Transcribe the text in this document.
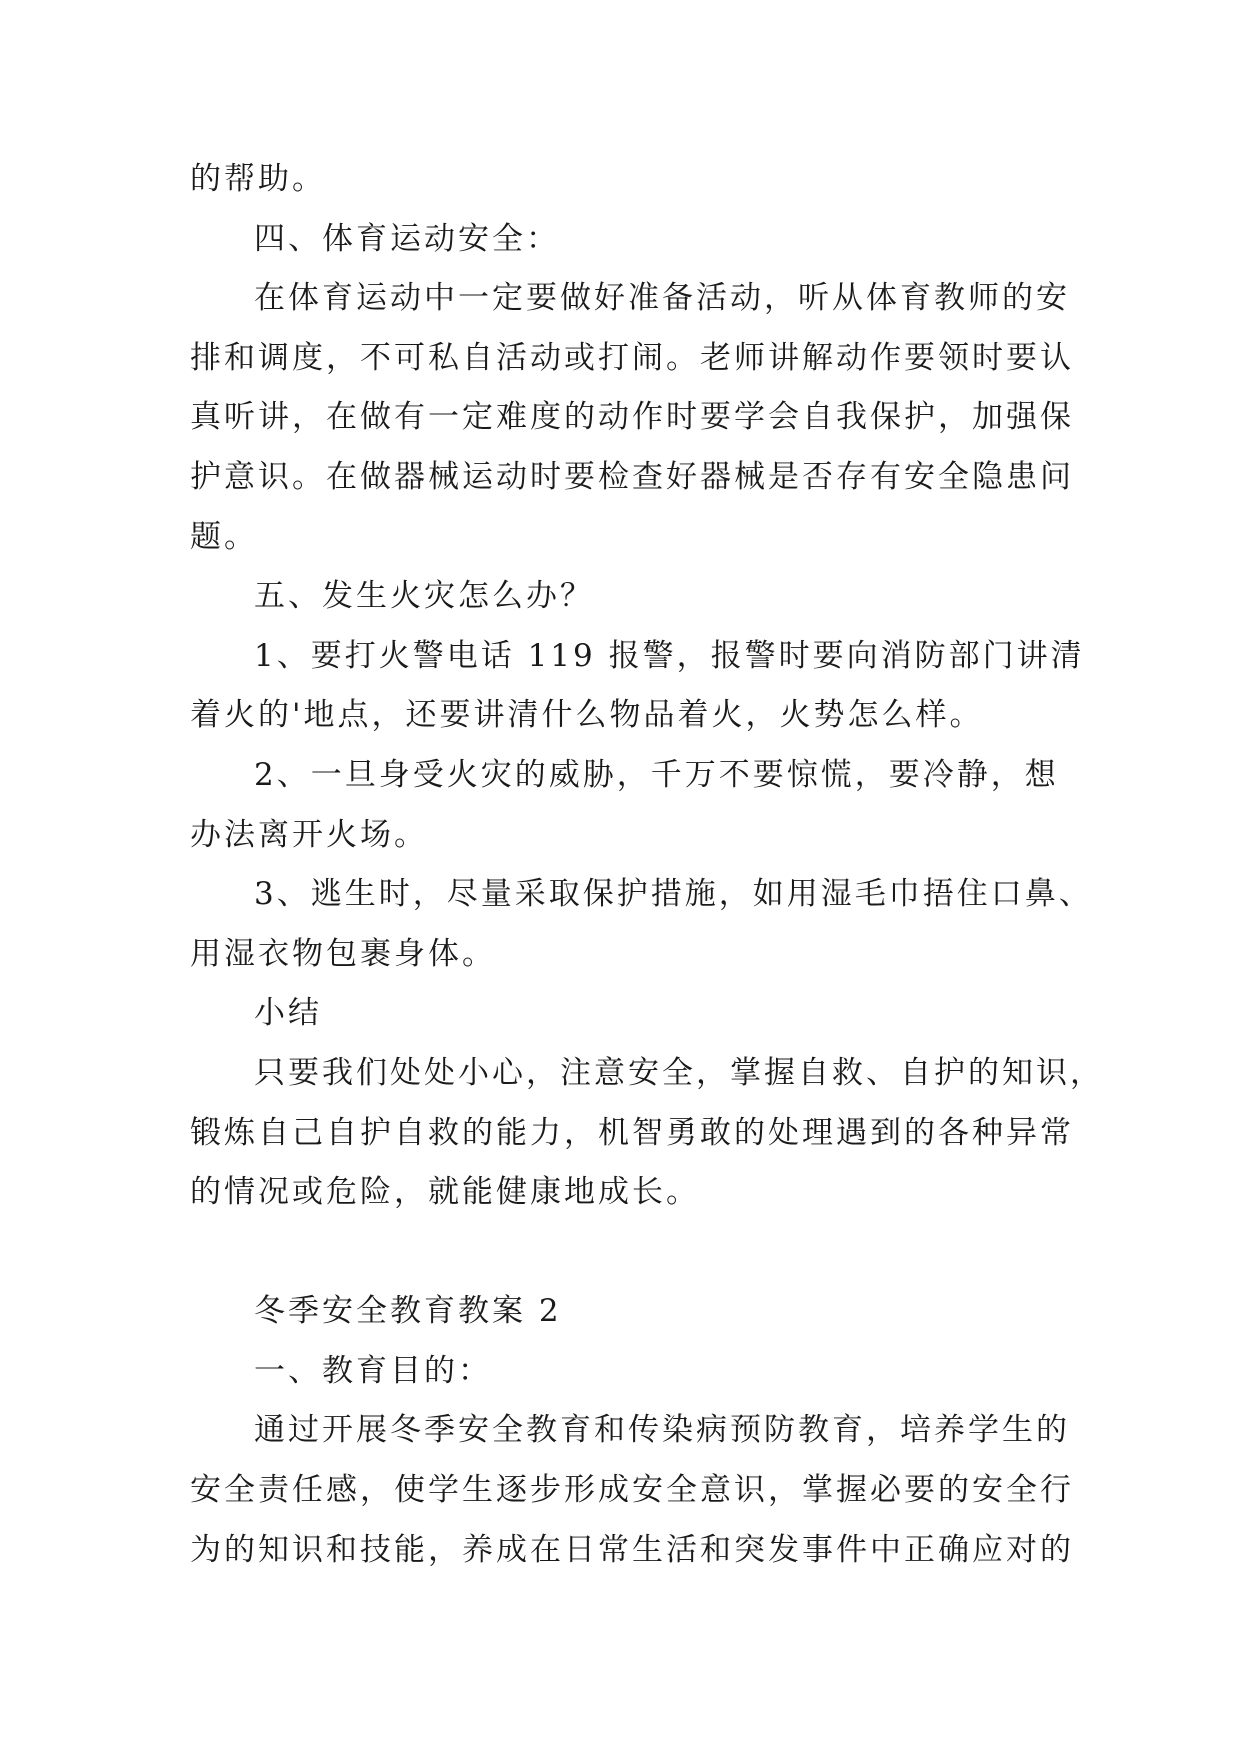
的帮助。
四、体育运动安全：
在体育运动中一定要做好准备活动，听从体育教师的安
排和调度，不可私自活动或打闹。老师讲解动作要领时要认
真听讲，在做有一定难度的动作时要学会自我保护，加强保
护意识。在做器械运动时要检查好器械是否存有安全隐患问
题。
五、发生火灾怎么办？
1、要打火警电话 119 报警，报警时要向消防部门讲清
着火的'地点，还要讲清什么物品着火，火势怎么样。
2、一旦身受火灾的威胁，千万不要惊慌，要冷静，想
办法离开火场。
3、逃生时，尽量采取保护措施，如用湿毛巾捂住口鼻、
用湿衣物包裹身体。
小结
只要我们处处小心，注意安全，掌握自救、自护的知识，
锻炼自己自护自救的能力，机智勇敢的处理遇到的各种异常
的情况或危险，就能健康地成长。
冬季安全教育教案 2
一、教育目的：
通过开展冬季安全教育和传染病预防教育，培养学生的
安全责任感，使学生逐步形成安全意识，掌握必要的安全行
为的知识和技能，养成在日常生活和突发事件中正确应对的
